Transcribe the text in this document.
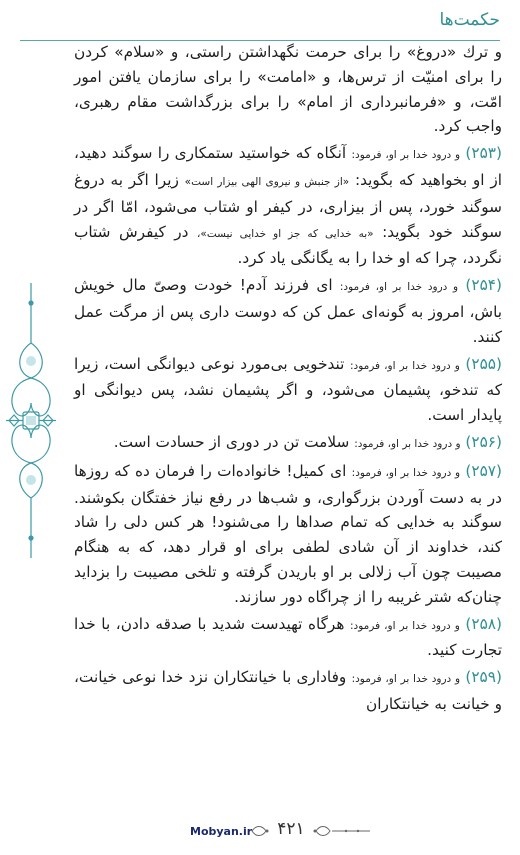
حکمت‌ها

و ترك «دروغ» را برای حرمت نگهداشتن راستی، و «سلام» کردن را برای امنیّت از ترس‌ها، و «امامت» را برای سازمان یافتن امور امّت، و «فرمانبرداری از امام» را برای بزرگداشت مقام رهبری، واجب کرد.

(۲۵۳) و درود خدا بر او، فرمود: آنگاه که خواستید ستمکاری را سوگند دهید، از او بخواهید که بگوید: «از جنبش و نیروی الهی بیزار است» زیرا اگر به دروغ سوگند خورد، پس از بیزاری، در کیفر او شتاب می‌شود، امّا اگر در سوگند خود بگوید: «به خدایی که جز او خدایی نیست»، در کیفرش شتاب نگردد، چرا که او خدا را به یگانگی یاد کرد.

(۲۵۴) و درود خدا بر او، فرمود: ای فرزند آدم! خودت وصیّ مال خویش باش، امروز به گونه‌ای عمل کن که دوست داری پس از مرگت عمل کنند.

(۲۵۵) و درود خدا بر او، فرمود: تندخویی بی‌مورد نوعی دیوانگی است، زیرا که تندخو، پشیمان می‌شود، و اگر پشیمان نشد، پس دیوانگی او پایدار است.

(۲۵۶) و درود خدا بر او، فرمود: سلامت تن در دوری از حسادت است.

(۲۵۷) و درود خدا بر او، فرمود: ای کمیل! خانواده‌ات را فرمان ده که روزها در به دست آوردن بزرگواری، و شب‌ها در رفع نیاز خفتگان بکوشند. سوگند به خدایی که تمام صداها را می‌شنود! هر کس دلی را شاد کند، خداوند از آن شادی لطفی برای او قرار دهد، که به هنگام مصیبت چون آب زلالی بر او باریدن گرفته و تلخی مصیبت را بزداید چنان‌که شتر غریبه را از چراگاه دور سازند.

(۲۵۸) و درود خدا بر او، فرمود: هرگاه تهیدست شدید با صدقه دادن، با خدا تجارت کنید.

(۲۵۹) و درود خدا بر او، فرمود: وفاداری با خیانتکاران نزد خدا نوعی خیانت، و خیانت به خیانتکاران

Mobyan.ir	۴۲۱
